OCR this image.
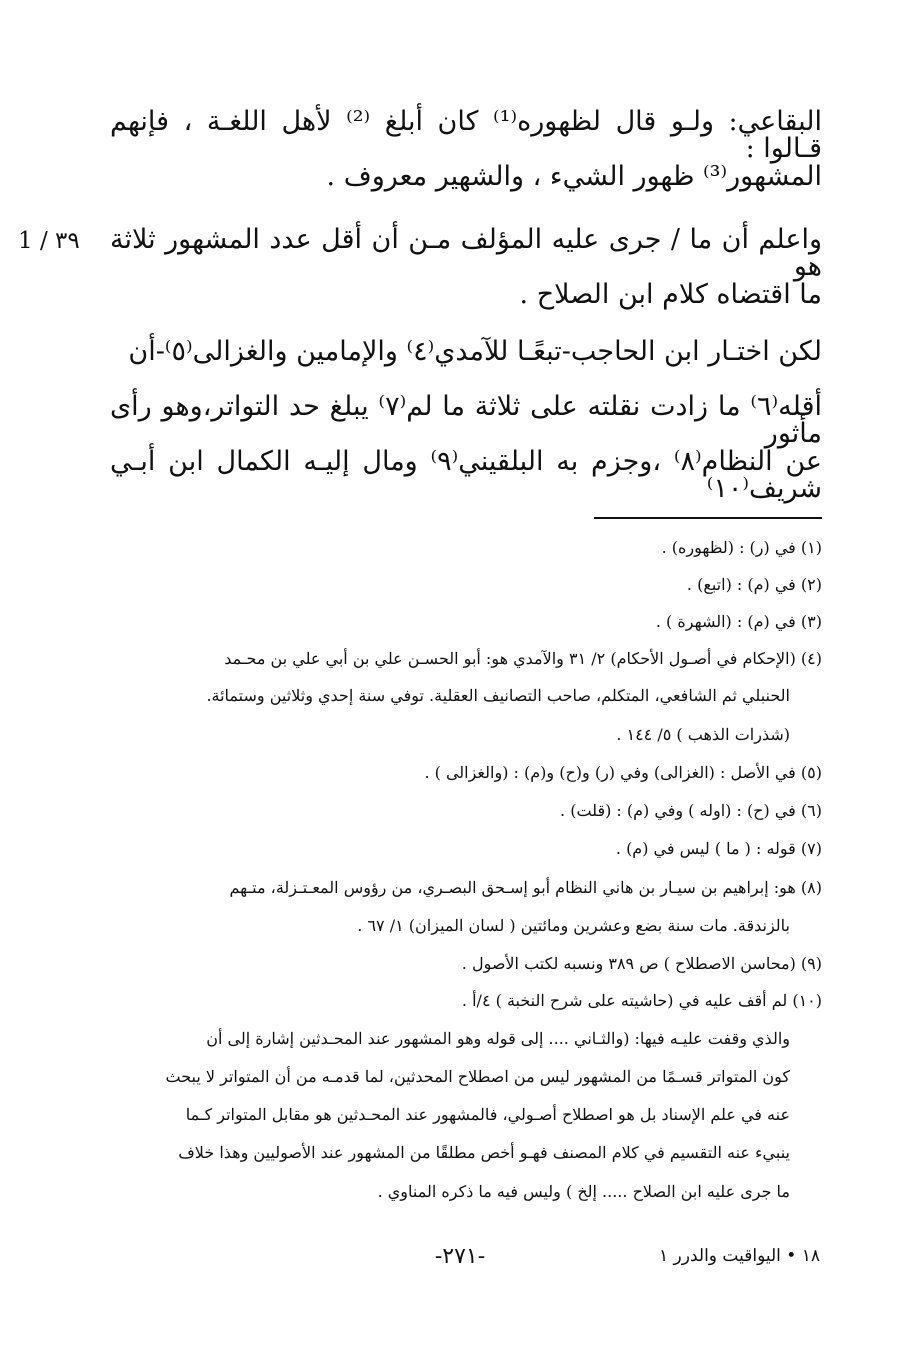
البقاعي: ولـو قال لظهوره⁽¹⁾ كان أبلغ ⁽²⁾ لأهل اللغـة ، فإنهم قـالوا :
المشهور⁽³⁾ ظهور الشيء ، والشهير معروف .
واعلم أن ما / جرى عليه المؤلف مـن أن أقل عدد المشهور ثلاثة هو
ما اقتضاه كلام ابن الصلاح .
لكن اختـار ابن الحاجب-تبعًـا للآمدي⁽٤⁾ والإمامين والغزالى⁽٥⁾-أن
أقله⁽٦⁾ ما زادت نقلته على ثلاثة ما لم⁽٧⁾ يبلغ حد التواتر،وهو رأى مأثور
عن النظام⁽٨⁾ ،وجزم به البلقيني⁽٩⁾ ومال إليـه الكمال ابن أبـي شريف⁽١٠⁾
1 / ٣٩
(١) في (ر) : (لظهوره) .
(٢) في (م) : (اتبع) .
(٣) في (م) : (الشهرة ) .
(٤) (الإحكام في أصـول الأحكام) ٢/ ٣١ والآمدي هو: أبو الحسـن علي بن أبي علي بن محـمد
الحنبلي ثم الشافعي، المتكلم، صاحب التصانيف العقلية. توفي سنة إحدي وثلاثين وستمائة.
(شذرات الذهب ) ٥/ ١٤٤ .
(٥) في الأصل : (الغزالى) وفي (ر) و(ح) و(م) : (والغزالى ) .
(٦) في (ح) : (اوله ) وفي (م) : (قلت) .
(٧) قوله : ( ما ) ليس في (م) .
(٨) هو: إبراهيم بن سيـار بن هاني النظام أبو إسـحق البصـري، من رؤوس المعـتـزلة، متـهم
بالزندقة. مات سنة بضع وعشرين ومائتين ( لسان الميزان) ١/ ٦٧ .
(٩) (محاسن الاصطلاح ) ص ٣٨٩ ونسبه لكتب الأصول .
(١٠) لم أقف عليه في (حاشيته على شرح النخبة ) ٤/أ .
والذي وقفت عليـه فيها: (والثـاني .... إلى قوله وهو المشهور عند المحـدثين إشارة إلى أن
كون المتواتر قسـمًا من المشهور ليس من اصطلاح المحدثين، لما قدمـه من أن المتواتر لا يبحث
عنه في علم الإسناد بل هو اصطلاح أصـولي، فالمشهور عند المحـدثين هو مقابل المتواتر كـما
ينبيء عنه التقسيم في كلام المصنف فهـو أخص مطلقًا من المشهور عند الأصوليين وهذا خلاف
ما جرى عليه ابن الصلاح ..... إلخ ) وليس فيه ما ذكره المناوي .
-٢٧١-	١٨ • اليواقيت والدرر ١
